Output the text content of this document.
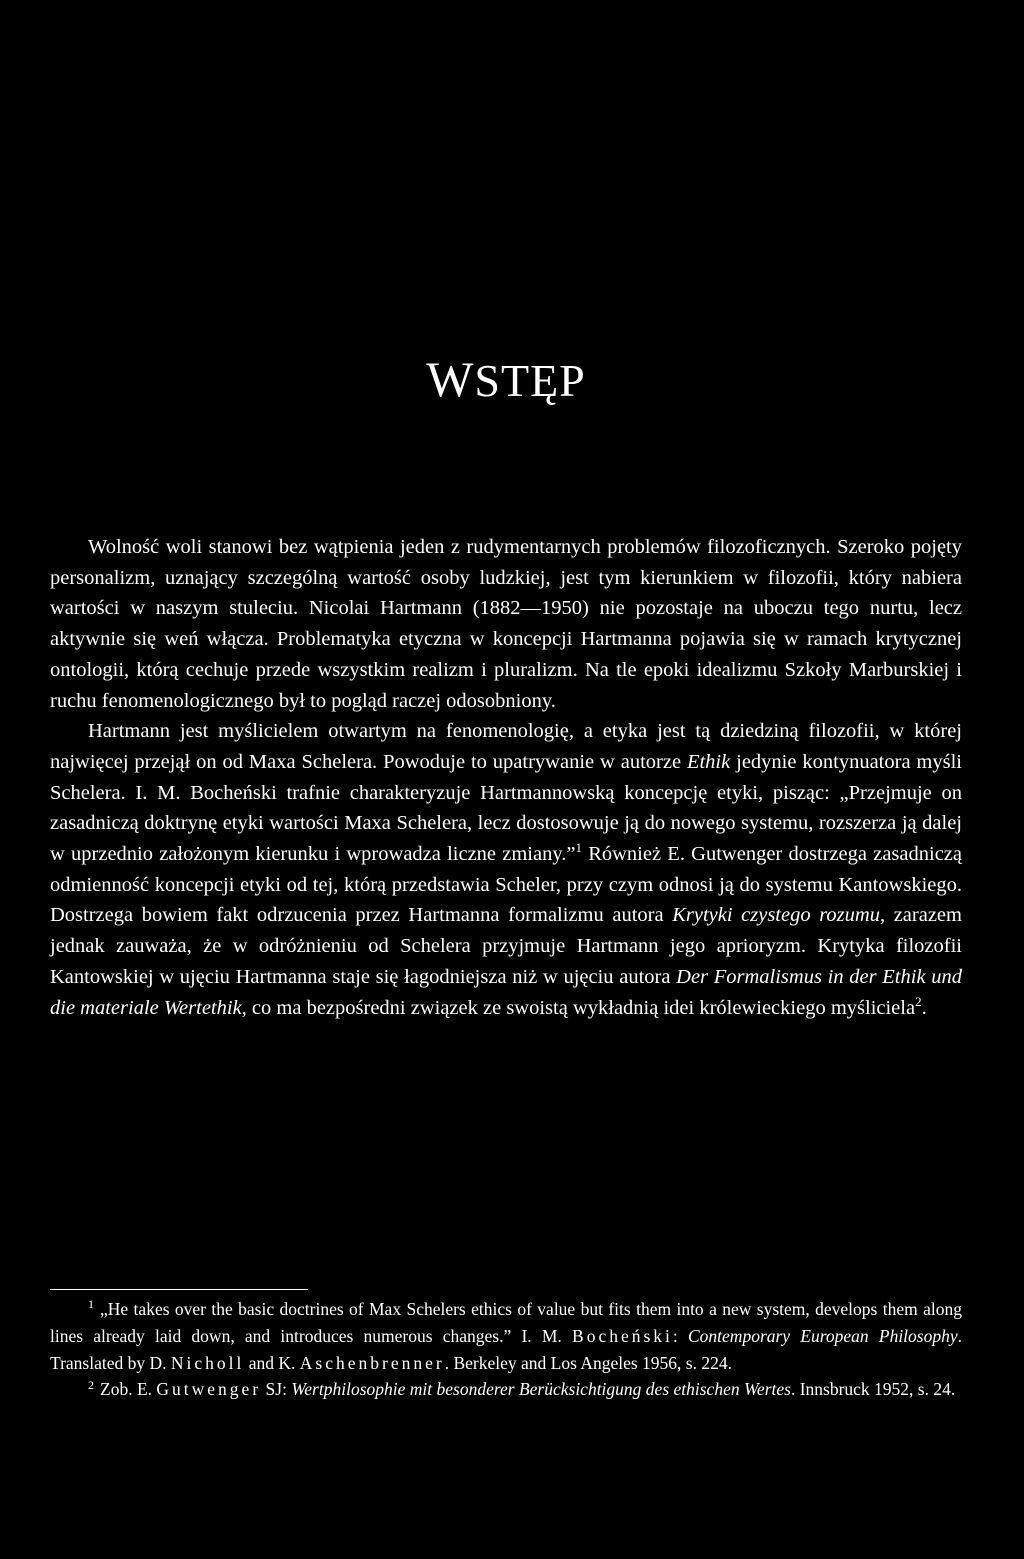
WSTĘP

Wolność woli stanowi bez wątpienia jeden z rudymentarnych problemów filozoficznych. Szeroko pojęty personalizm, uznający szczególną wartość osoby ludzkiej, jest tym kierunkiem w filozofii, który nabiera wartości w naszym stuleciu. Nicolai Hartmann (1882—1950) nie pozostaje na uboczu tego nurtu, lecz aktywnie się weń włącza. Problematyka etyczna w koncepcji Hartmanna pojawia się w ramach krytycznej ontologii, którą cechuje przede wszystkim realizm i pluralizm. Na tle epoki idealizmu Szkoły Marburskiej i ruchu fenomenologicznego był to pogląd raczej odosobniony.

Hartmann jest myślicielem otwartym na fenomenologię, a etyka jest tą dziedziną filozofii, w której najwięcej przejął on od Maxa Schelera. Powoduje to upatrywanie w autorze Ethik jedynie kontynuatora myśli Schelera. I. M. Bocheński trafnie charakteryzuje Hartmannowską koncepcję etyki, pisząc: „Przejmuje on zasadniczą doktrynę etyki wartości Maxa Schelera, lecz dostosowuje ją do nowego systemu, rozszerza ją dalej w uprzednio założonym kierunku i wprowadza liczne zmiany.”$^1$ Również E. Gutwenger dostrzega zasadniczą odmienność koncepcji etyki od tej, którą przedstawia Scheler, przy czym odnosi ją do systemu Kantowskiego. Dostrzega bowiem fakt odrzucenia przez Hartmanna formalizmu autora Krytyki czystego rozumu, zarazem jednak zauważa, że w odróżnieniu od Schelera przyjmuje Hartmann jego aprioryzm. Krytyka filozofii Kantowskiej w ujęciu Hartmanna staje się łagodniejsza niż w ujęciu autora Der Formalismus in der Ethik und die materiale Wertethik, co ma bezpośredni związek ze swoistą wykładnią idei królewieckiego myśliciela$^2$.

$^1$ „He takes over the basic doctrines of Max Schelers ethics of value but fits them into a new system, develops them along lines already laid down, and introduces numerous changes.” I. M. Bocheński: Contemporary European Philosophy. Translated by D. Nicholl and K. Aschenbrenner. Berkeley and Los Angeles 1956, s. 224.

$^2$ Zob. E. Gutwenger SJ: Wertphilosophie mit besonderer Berücksichtigung des ethischen Wertes. Innsbruck 1952, s. 24.
